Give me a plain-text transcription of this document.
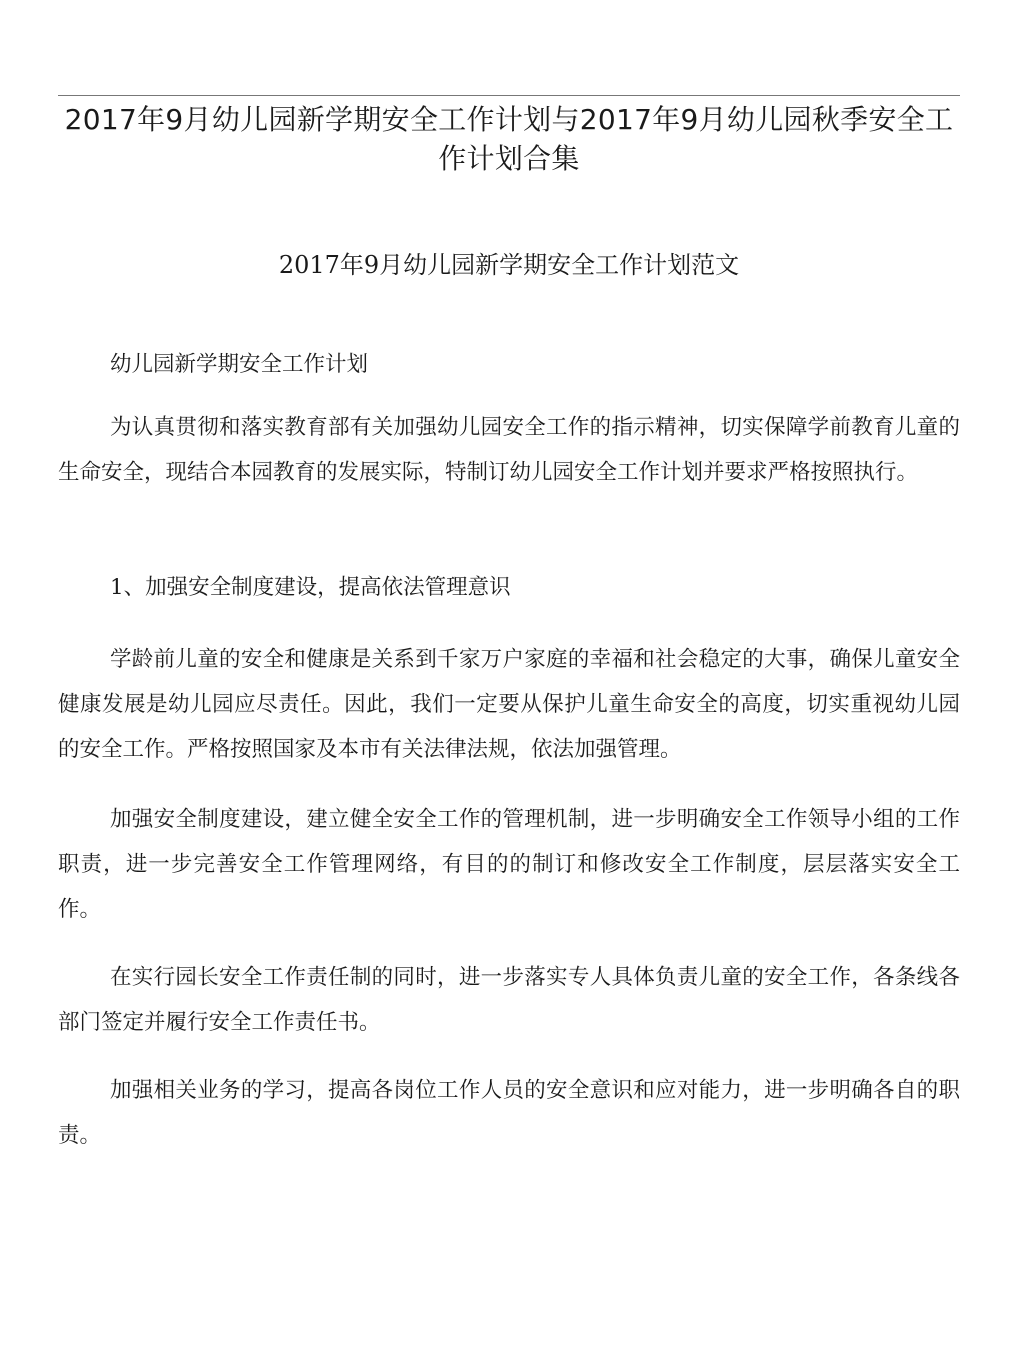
2017年9月幼儿园新学期安全工作计划与2017年9月幼儿园秋季安全工作计划合集
2017年9月幼儿园新学期安全工作计划范文

幼儿园新学期安全工作计划

为认真贯彻和落实教育部有关加强幼儿园安全工作的指示精神，切实保障学前教育儿童的生命安全，现结合本园教育的发展实际，特制订幼儿园安全工作计划并要求严格按照执行。

1、加强安全制度建设，提高依法管理意识

学龄前儿童的安全和健康是关系到千家万户家庭的幸福和社会稳定的大事，确保儿童安全健康发展是幼儿园应尽责任。因此，我们一定要从保护儿童生命安全的高度，切实重视幼儿园的安全工作。严格按照国家及本市有关法律法规，依法加强管理。

加强安全制度建设，建立健全安全工作的管理机制，进一步明确安全工作领导小组的工作职责，进一步完善安全工作管理网络，有目的的制订和修改安全工作制度，层层落实安全工作。

在实行园长安全工作责任制的同时，进一步落实专人具体负责儿童的安全工作，各条线各部门签定并履行安全工作责任书。

加强相关业务的学习，提高各岗位工作人员的安全意识和应对能力，进一步明确各自的职责。
